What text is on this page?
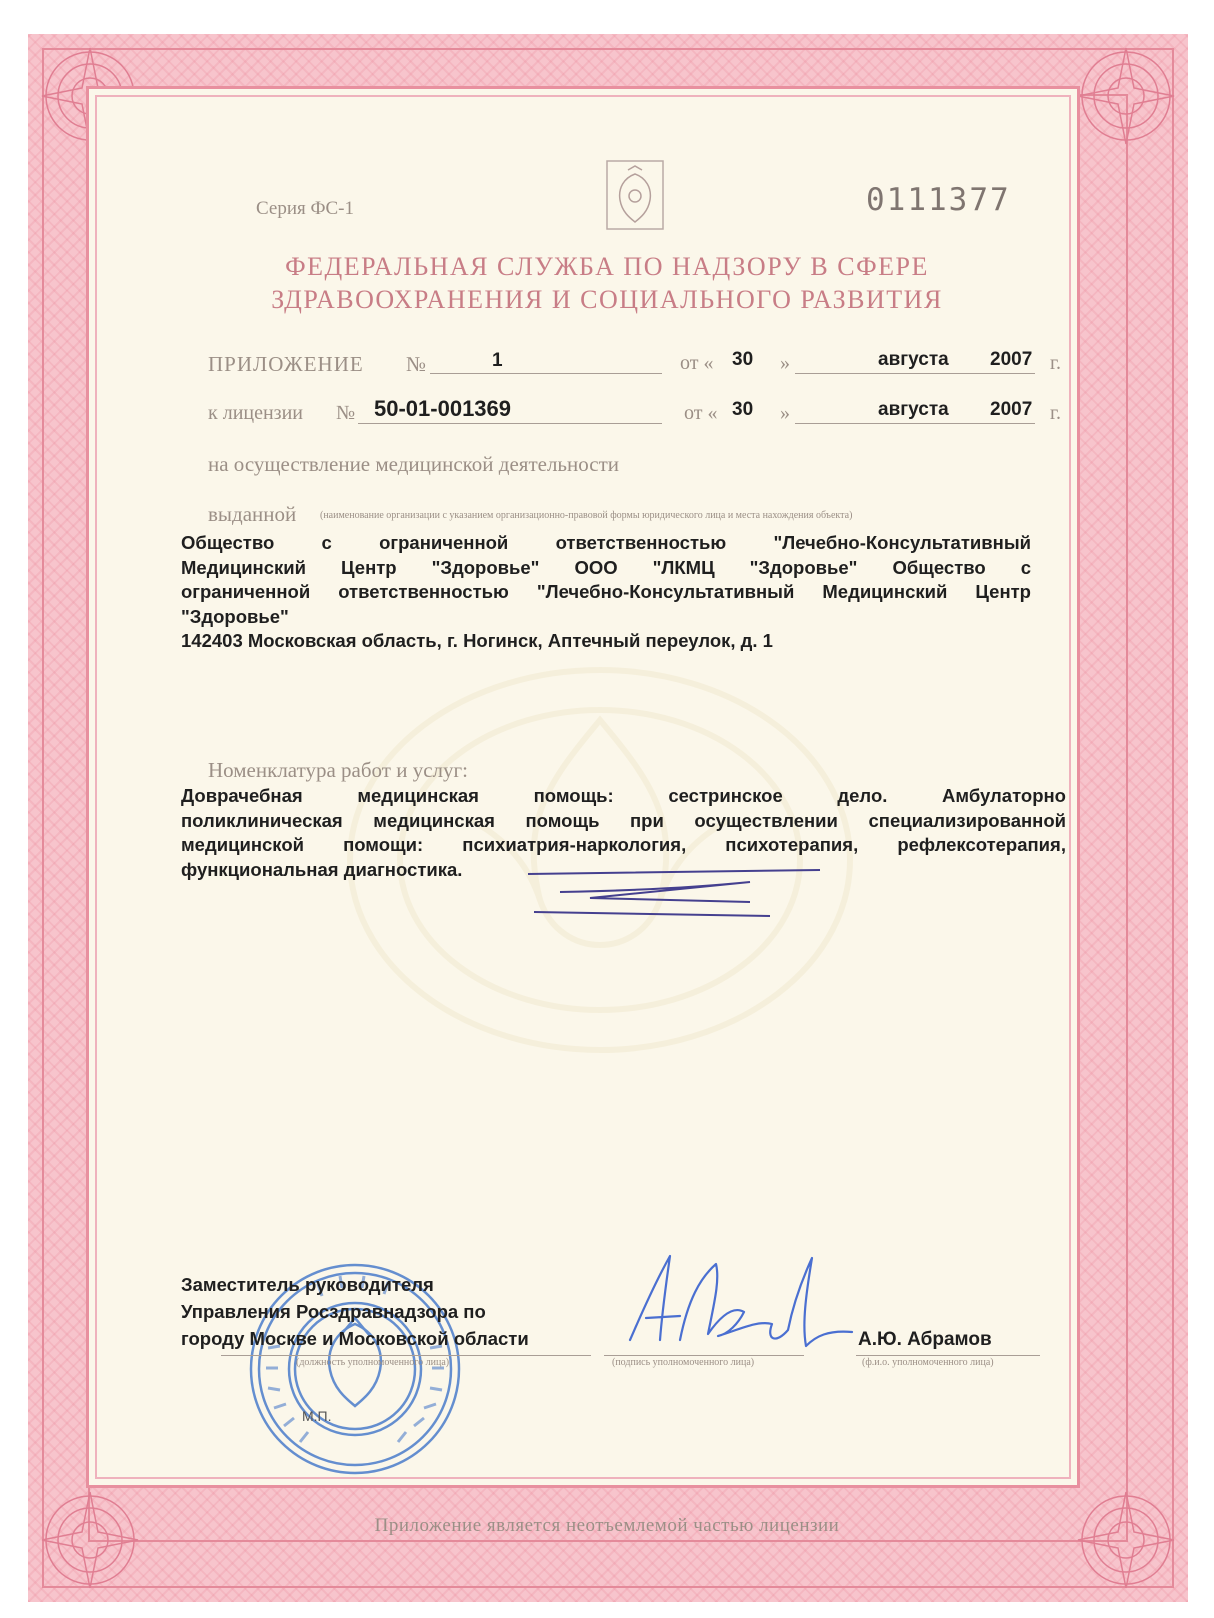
Серия ФС-1	0111377

ФЕДЕРАЛЬНАЯ СЛУЖБА ПО НАДЗОРУ В СФЕРЕ

ЗДРАВООХРАНЕНИЯ И СОЦИАЛЬНОГО РАЗВИТИЯ

ПРИЛОЖЕНИЕ №	1	от « 30 »	августа 2007 г.

к лицензии № 50-01-001369	от « 30 »	августа 2007 г.

на осуществление медицинской деятельности

выданной (наименование организации с указанием организационно-правовой формы юридического лица и места нахождения объекта)

Общество с ограниченной ответственностью "Лечебно-Консультативный
Медицинский Центр "Здоровье" ООО "ЛКМЦ "Здоровье" Общество с
ограниченной ответственностью "Лечебно-Консультативный Медицинский Центр
"Здоровье"
142403 Московская область, г. Ногинск, Аптечный переулок, д. 1

Номенклатура работ и услуг:

Доврачебная медицинская помощь: сестринское дело. Амбулаторно
поликлиническая медицинская помощь при осуществлении специализированной
медицинской помощи: психиатрия-наркология, психотерапия, рефлексотерапия,
функциональная диагностика.

М.П.

Заместитель руководителя
Управления Росздравнадзора по
городу Москве и Московской области

(должность уполномоченного лица)	(подпись уполномоченного лица)

А.Ю. Абрамов

(ф.и.о. уполномоченного лица)

Приложение является неотъемлемой частью лицензии
